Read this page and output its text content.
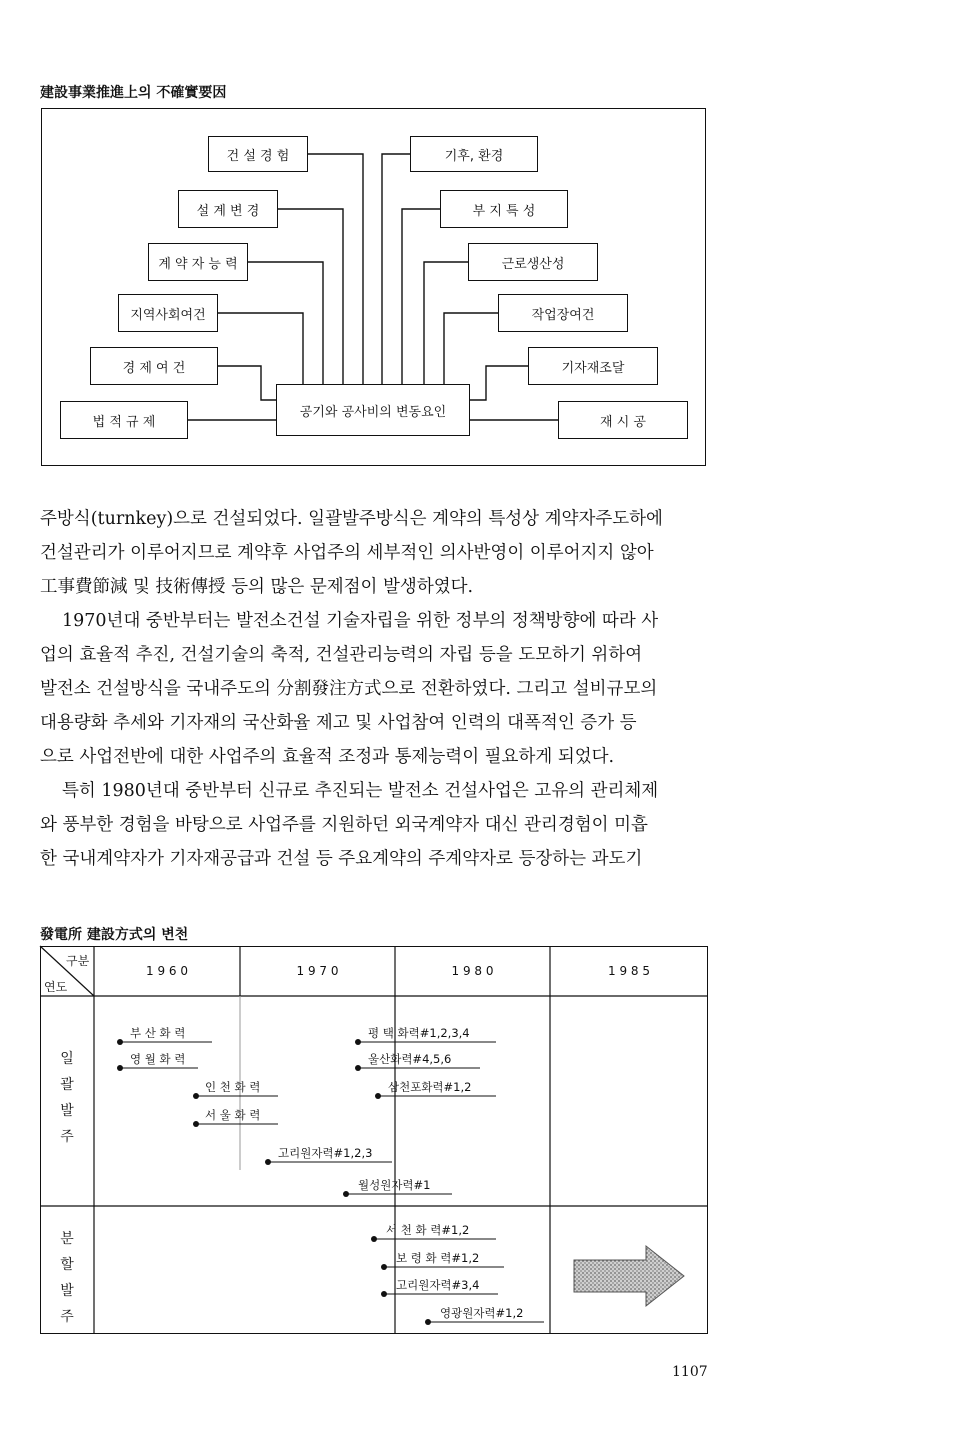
建設事業推進上의 不確實要因
건 설 경 험
설 계 변 경
계 약 자 능 력
지역사회여건
경 제 여 건
법 적 규 제
공기와 공사비의 변동요인
기후, 환경
부 지 특 성
근로생산성
작업장여건
기자재조달
재 시 공

주방식(turnkey)으로 건설되었다. 일괄발주방식은 계약의 특성상 계약자주도하에

건설관리가 이루어지므로 계약후 사업주의 세부적인 의사반영이 이루어지지 않아

工事費節減 및 技術傳授 등의 많은 문제점이 발생하였다.

1970년대 중반부터는 발전소건설 기술자립을 위한 정부의 정책방향에 따라 사

업의 효율적 추진, 건설기술의 축적, 건설관리능력의 자립 등을 도모하기 위하여

발전소 건설방식을 국내주도의 分割發注方式으로 전환하였다. 그리고 설비규모의

대용량화 추세와 기자재의 국산화율 제고 및 사업참여 인력의 대폭적인 증가 등

으로 사업전반에 대한 사업주의 효율적 조정과 통제능력이 필요하게 되었다.

특히 1980년대 중반부터 신규로 추진되는 발전소 건설사업은 고유의 관리체제

와 풍부한 경험을 바탕으로 사업주를 지원하던 외국계약자 대신 관리경험이 미흡

한 국내계약자가 기자재공급과 건설 등 주요계약의 주계약자로 등장하는 과도기

發電所 建設方式의 변천
구분
연도
1 9 6 0	1 9 7 0	1 9 8 0	1 9 8 5
일
괄
발
주
분
할
발
주
부 산 화 력
영 월 화 력
인 천 화 력
서 울 화 력
고리원자력#1,2,3
평 택 화력#1,2,3,4
울산화력#4,5,6
삼천포화력#1,2
월성원자력#1
서 천 화 력#1,2
보 령 화 력#1,2
고리원자력#3,4
영광원자력#1,2
1107
